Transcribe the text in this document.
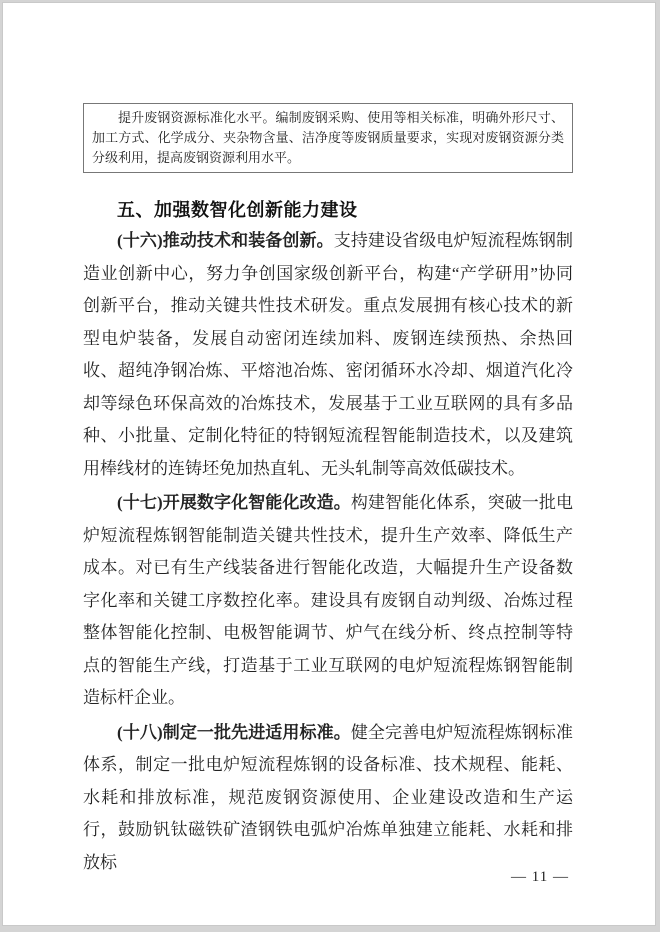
提升废钢资源标准化水平。编制废钢采购、使用等相关标准，明确外形尺寸、加工方式、化学成分、夹杂物含量、洁净度等废钢质量要求，实现对废钢资源分类分级利用，提高废钢资源利用水平。

五、加强数智化创新能力建设

(十六)推动技术和装备创新。支持建设省级电炉短流程炼钢制造业创新中心，努力争创国家级创新平台，构建“产学研用”协同创新平台，推动关键共性技术研发。重点发展拥有核心技术的新型电炉装备，发展自动密闭连续加料、废钢连续预热、余热回收、超纯净钢冶炼、平熔池冶炼、密闭循环水冷却、烟道汽化冷却等绿色环保高效的冶炼技术，发展基于工业互联网的具有多品种、小批量、定制化特征的特钢短流程智能制造技术，以及建筑用棒线材的连铸坯免加热直轧、无头轧制等高效低碳技术。

(十七)开展数字化智能化改造。构建智能化体系，突破一批电炉短流程炼钢智能制造关键共性技术，提升生产效率、降低生产成本。对已有生产线装备进行智能化改造，大幅提升生产设备数字化率和关键工序数控化率。建设具有废钢自动判级、冶炼过程整体智能化控制、电极智能调节、炉气在线分析、终点控制等特点的智能生产线，打造基于工业互联网的电炉短流程炼钢智能制造标杆企业。

(十八)制定一批先进适用标准。健全完善电炉短流程炼钢标准体系，制定一批电炉短流程炼钢的设备标准、技术规程、能耗、水耗和排放标准，规范废钢资源使用、企业建设改造和生产运行，鼓励钒钛磁铁矿渣钢铁电弧炉冶炼单独建立能耗、水耗和排放标

— 11 —
